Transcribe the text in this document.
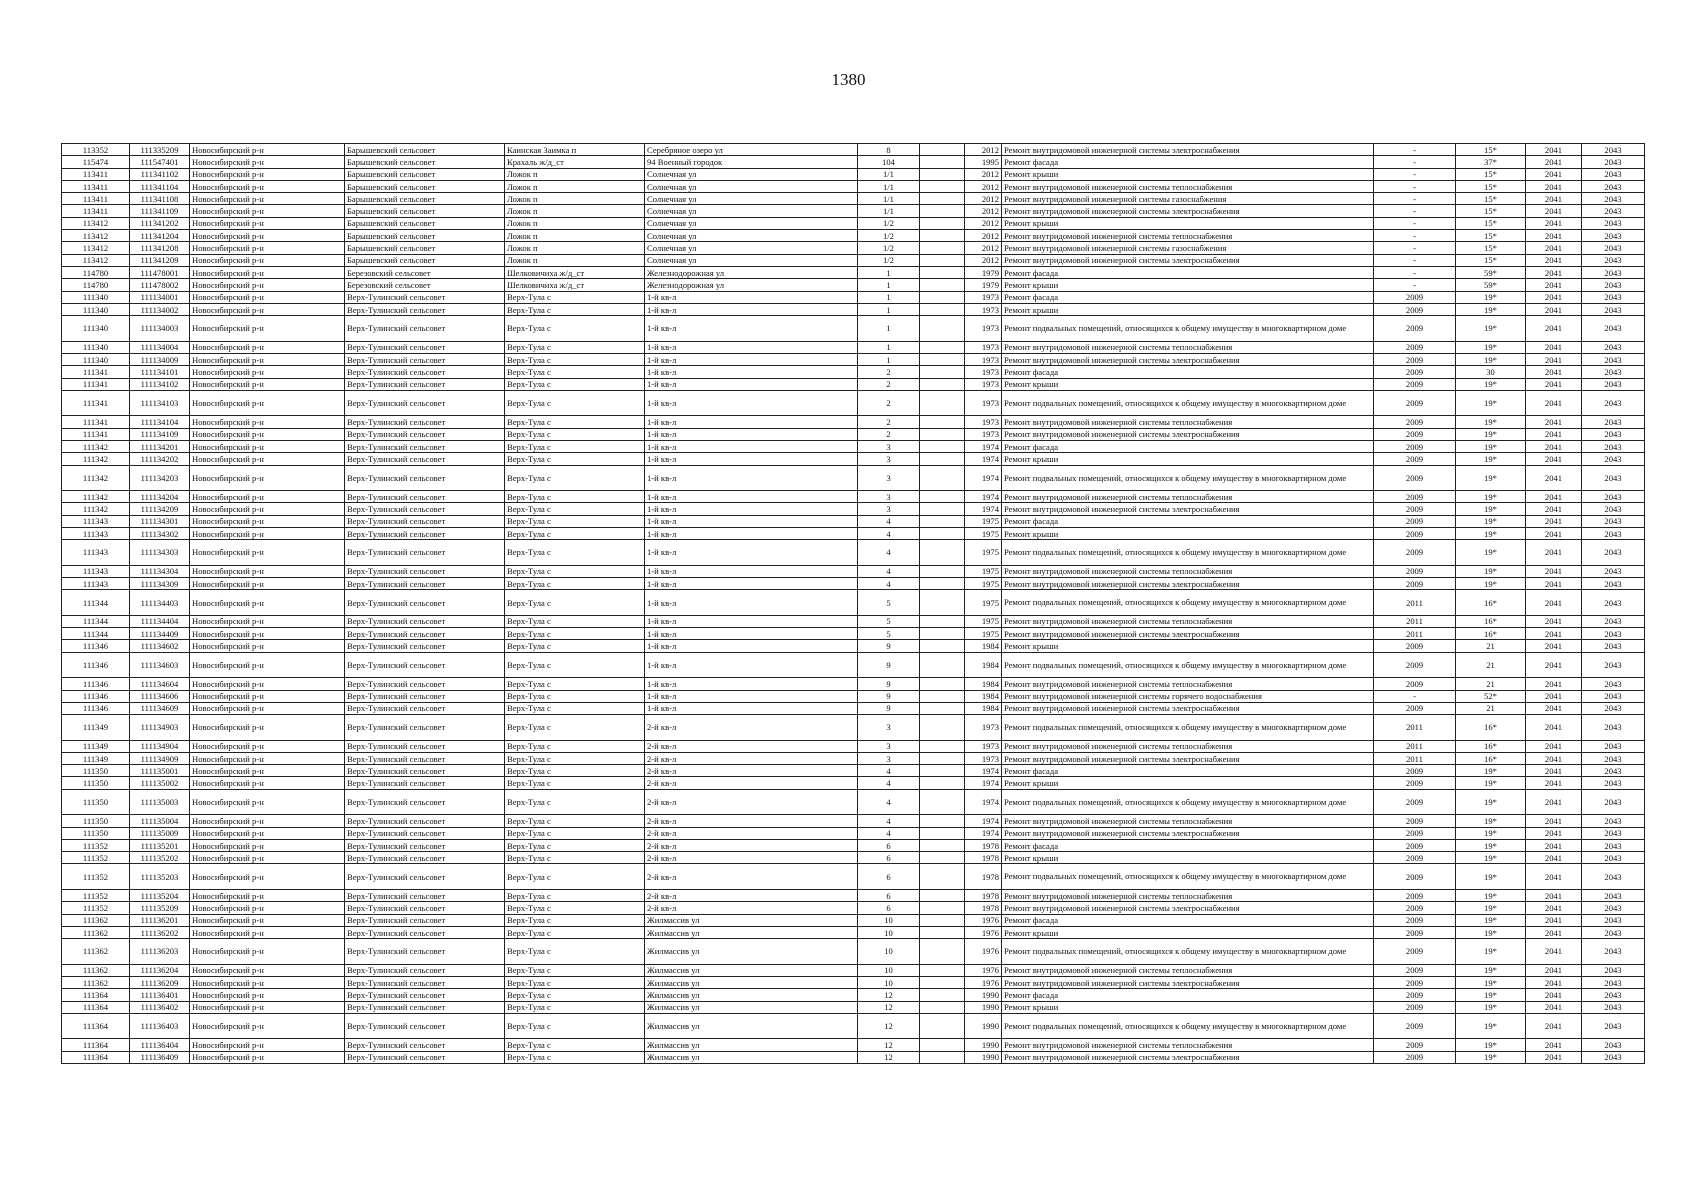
1380
113352	111335209	Новосибирский р-н	Барышевский сельсовет	Каинская Заимка п	Серебряное озеро ул	8		2012	Ремонт внутридомовой инженерной системы электроснабжения	-	15*	2041	2043
115474	111547401	Новосибирский р-н	Барышевский сельсовет	Крахаль ж/д_ст	94 Военный городок	104		1995	Ремонт фасада	-	37*	2041	2043
113411	111341102	Новосибирский р-н	Барышевский сельсовет	Ложок п	Солнечная ул	1/1		2012	Ремонт крыши	-	15*	2041	2043
113411	111341104	Новосибирский р-н	Барышевский сельсовет	Ложок п	Солнечная ул	1/1		2012	Ремонт внутридомовой инженерной системы теплоснабжения	-	15*	2041	2043
113411	111341108	Новосибирский р-н	Барышевский сельсовет	Ложок п	Солнечная ул	1/1		2012	Ремонт внутридомовой инженерной системы газоснабжения	-	15*	2041	2043
113411	111341109	Новосибирский р-н	Барышевский сельсовет	Ложок п	Солнечная ул	1/1		2012	Ремонт внутридомовой инженерной системы электроснабжения	-	15*	2041	2043
113412	111341202	Новосибирский р-н	Барышевский сельсовет	Ложок п	Солнечная ул	1/2		2012	Ремонт крыши	-	15*	2041	2043
113412	111341204	Новосибирский р-н	Барышевский сельсовет	Ложок п	Солнечная ул	1/2		2012	Ремонт внутридомовой инженерной системы теплоснабжения	-	15*	2041	2043
113412	111341208	Новосибирский р-н	Барышевский сельсовет	Ложок п	Солнечная ул	1/2		2012	Ремонт внутридомовой инженерной системы газоснабжения	-	15*	2041	2043
113412	111341209	Новосибирский р-н	Барышевский сельсовет	Ложок п	Солнечная ул	1/2		2012	Ремонт внутридомовой инженерной системы электроснабжения	-	15*	2041	2043
114780	111478001	Новосибирский р-н	Березовский сельсовет	Шелковичиха ж/д_ст	Железнодорожная ул	1		1979	Ремонт фасада	-	59*	2041	2043
114780	111478002	Новосибирский р-н	Березовский сельсовет	Шелковичиха ж/д_ст	Железнодорожная ул	1		1979	Ремонт крыши	-	59*	2041	2043
111340	111134001	Новосибирский р-н	Верх-Тулинский сельсовет	Верх-Тула с	1-й кв-л	1		1973	Ремонт фасада	2009	19*	2041	2043
111340	111134002	Новосибирский р-н	Верх-Тулинский сельсовет	Верх-Тула с	1-й кв-л	1		1973	Ремонт крыши	2009	19*	2041	2043
111340	111134003	Новосибирский р-н	Верх-Тулинский сельсовет	Верх-Тула с	1-й кв-л	1		1973	Ремонт подвальных помещений, относящихся к общему имуществу в многоквартирном доме	2009	19*	2041	2043
111340	111134004	Новосибирский р-н	Верх-Тулинский сельсовет	Верх-Тула с	1-й кв-л	1		1973	Ремонт внутридомовой инженерной системы теплоснабжения	2009	19*	2041	2043
111340	111134009	Новосибирский р-н	Верх-Тулинский сельсовет	Верх-Тула с	1-й кв-л	1		1973	Ремонт внутридомовой инженерной системы электроснабжения	2009	19*	2041	2043
111341	111134101	Новосибирский р-н	Верх-Тулинский сельсовет	Верх-Тула с	1-й кв-л	2		1973	Ремонт фасада	2009	30	2041	2043
111341	111134102	Новосибирский р-н	Верх-Тулинский сельсовет	Верх-Тула с	1-й кв-л	2		1973	Ремонт крыши	2009	19*	2041	2043
111341	111134103	Новосибирский р-н	Верх-Тулинский сельсовет	Верх-Тула с	1-й кв-л	2		1973	Ремонт подвальных помещений, относящихся к общему имуществу в многоквартирном доме	2009	19*	2041	2043
111341	111134104	Новосибирский р-н	Верх-Тулинский сельсовет	Верх-Тула с	1-й кв-л	2		1973	Ремонт внутридомовой инженерной системы теплоснабжения	2009	19*	2041	2043
111341	111134109	Новосибирский р-н	Верх-Тулинский сельсовет	Верх-Тула с	1-й кв-л	2		1973	Ремонт внутридомовой инженерной системы электроснабжения	2009	19*	2041	2043
111342	111134201	Новосибирский р-н	Верх-Тулинский сельсовет	Верх-Тула с	1-й кв-л	3		1974	Ремонт фасада	2009	19*	2041	2043
111342	111134202	Новосибирский р-н	Верх-Тулинский сельсовет	Верх-Тула с	1-й кв-л	3		1974	Ремонт крыши	2009	19*	2041	2043
111342	111134203	Новосибирский р-н	Верх-Тулинский сельсовет	Верх-Тула с	1-й кв-л	3		1974	Ремонт подвальных помещений, относящихся к общему имуществу в многоквартирном доме	2009	19*	2041	2043
111342	111134204	Новосибирский р-н	Верх-Тулинский сельсовет	Верх-Тула с	1-й кв-л	3		1974	Ремонт внутридомовой инженерной системы теплоснабжения	2009	19*	2041	2043
111342	111134209	Новосибирский р-н	Верх-Тулинский сельсовет	Верх-Тула с	1-й кв-л	3		1974	Ремонт внутридомовой инженерной системы электроснабжения	2009	19*	2041	2043
111343	111134301	Новосибирский р-н	Верх-Тулинский сельсовет	Верх-Тула с	1-й кв-л	4		1975	Ремонт фасада	2009	19*	2041	2043
111343	111134302	Новосибирский р-н	Верх-Тулинский сельсовет	Верх-Тула с	1-й кв-л	4		1975	Ремонт крыши	2009	19*	2041	2043
111343	111134303	Новосибирский р-н	Верх-Тулинский сельсовет	Верх-Тула с	1-й кв-л	4		1975	Ремонт подвальных помещений, относящихся к общему имуществу в многоквартирном доме	2009	19*	2041	2043
111343	111134304	Новосибирский р-н	Верх-Тулинский сельсовет	Верх-Тула с	1-й кв-л	4		1975	Ремонт внутридомовой инженерной системы теплоснабжения	2009	19*	2041	2043
111343	111134309	Новосибирский р-н	Верх-Тулинский сельсовет	Верх-Тула с	1-й кв-л	4		1975	Ремонт внутридомовой инженерной системы электроснабжения	2009	19*	2041	2043
111344	111134403	Новосибирский р-н	Верх-Тулинский сельсовет	Верх-Тула с	1-й кв-л	5		1975	Ремонт подвальных помещений, относящихся к общему имуществу в многоквартирном доме	2011	16*	2041	2043
111344	111134404	Новосибирский р-н	Верх-Тулинский сельсовет	Верх-Тула с	1-й кв-л	5		1975	Ремонт внутридомовой инженерной системы теплоснабжения	2011	16*	2041	2043
111344	111134409	Новосибирский р-н	Верх-Тулинский сельсовет	Верх-Тула с	1-й кв-л	5		1975	Ремонт внутридомовой инженерной системы электроснабжения	2011	16*	2041	2043
111346	111134602	Новосибирский р-н	Верх-Тулинский сельсовет	Верх-Тула с	1-й кв-л	9		1984	Ремонт крыши	2009	21	2041	2043
111346	111134603	Новосибирский р-н	Верх-Тулинский сельсовет	Верх-Тула с	1-й кв-л	9		1984	Ремонт подвальных помещений, относящихся к общему имуществу в многоквартирном доме	2009	21	2041	2043
111346	111134604	Новосибирский р-н	Верх-Тулинский сельсовет	Верх-Тула с	1-й кв-л	9		1984	Ремонт внутридомовой инженерной системы теплоснабжения	2009	21	2041	2043
111346	111134606	Новосибирский р-н	Верх-Тулинский сельсовет	Верх-Тула с	1-й кв-л	9		1984	Ремонт внутридомовой инженерной системы горячего водоснабжения	-	52*	2041	2043
111346	111134609	Новосибирский р-н	Верх-Тулинский сельсовет	Верх-Тула с	1-й кв-л	9		1984	Ремонт внутридомовой инженерной системы электроснабжения	2009	21	2041	2043
111349	111134903	Новосибирский р-н	Верх-Тулинский сельсовет	Верх-Тула с	2-й кв-л	3		1973	Ремонт подвальных помещений, относящихся к общему имуществу в многоквартирном доме	2011	16*	2041	2043
111349	111134904	Новосибирский р-н	Верх-Тулинский сельсовет	Верх-Тула с	2-й кв-л	3		1973	Ремонт внутридомовой инженерной системы теплоснабжения	2011	16*	2041	2043
111349	111134909	Новосибирский р-н	Верх-Тулинский сельсовет	Верх-Тула с	2-й кв-л	3		1973	Ремонт внутридомовой инженерной системы электроснабжения	2011	16*	2041	2043
111350	111135001	Новосибирский р-н	Верх-Тулинский сельсовет	Верх-Тула с	2-й кв-л	4		1974	Ремонт фасада	2009	19*	2041	2043
111350	111135002	Новосибирский р-н	Верх-Тулинский сельсовет	Верх-Тула с	2-й кв-л	4		1974	Ремонт крыши	2009	19*	2041	2043
111350	111135003	Новосибирский р-н	Верх-Тулинский сельсовет	Верх-Тула с	2-й кв-л	4		1974	Ремонт подвальных помещений, относящихся к общему имуществу в многоквартирном доме	2009	19*	2041	2043
111350	111135004	Новосибирский р-н	Верх-Тулинский сельсовет	Верх-Тула с	2-й кв-л	4		1974	Ремонт внутридомовой инженерной системы теплоснабжения	2009	19*	2041	2043
111350	111135009	Новосибирский р-н	Верх-Тулинский сельсовет	Верх-Тула с	2-й кв-л	4		1974	Ремонт внутридомовой инженерной системы электроснабжения	2009	19*	2041	2043
111352	111135201	Новосибирский р-н	Верх-Тулинский сельсовет	Верх-Тула с	2-й кв-л	6		1978	Ремонт фасада	2009	19*	2041	2043
111352	111135202	Новосибирский р-н	Верх-Тулинский сельсовет	Верх-Тула с	2-й кв-л	6		1978	Ремонт крыши	2009	19*	2041	2043
111352	111135203	Новосибирский р-н	Верх-Тулинский сельсовет	Верх-Тула с	2-й кв-л	6		1978	Ремонт подвальных помещений, относящихся к общему имуществу в многоквартирном доме	2009	19*	2041	2043
111352	111135204	Новосибирский р-н	Верх-Тулинский сельсовет	Верх-Тула с	2-й кв-л	6		1978	Ремонт внутридомовой инженерной системы теплоснабжения	2009	19*	2041	2043
111352	111135209	Новосибирский р-н	Верх-Тулинский сельсовет	Верх-Тула с	2-й кв-л	6		1978	Ремонт внутридомовой инженерной системы электроснабжения	2009	19*	2041	2043
111362	111136201	Новосибирский р-н	Верх-Тулинский сельсовет	Верх-Тула с	Жилмассив ул	10		1976	Ремонт фасада	2009	19*	2041	2043
111362	111136202	Новосибирский р-н	Верх-Тулинский сельсовет	Верх-Тула с	Жилмассив ул	10		1976	Ремонт крыши	2009	19*	2041	2043
111362	111136203	Новосибирский р-н	Верх-Тулинский сельсовет	Верх-Тула с	Жилмассив ул	10		1976	Ремонт подвальных помещений, относящихся к общему имуществу в многоквартирном доме	2009	19*	2041	2043
111362	111136204	Новосибирский р-н	Верх-Тулинский сельсовет	Верх-Тула с	Жилмассив ул	10		1976	Ремонт внутридомовой инженерной системы теплоснабжения	2009	19*	2041	2043
111362	111136209	Новосибирский р-н	Верх-Тулинский сельсовет	Верх-Тула с	Жилмассив ул	10		1976	Ремонт внутридомовой инженерной системы электроснабжения	2009	19*	2041	2043
111364	111136401	Новосибирский р-н	Верх-Тулинский сельсовет	Верх-Тула с	Жилмассив ул	12		1990	Ремонт фасада	2009	19*	2041	2043
111364	111136402	Новосибирский р-н	Верх-Тулинский сельсовет	Верх-Тула с	Жилмассив ул	12		1990	Ремонт крыши	2009	19*	2041	2043
111364	111136403	Новосибирский р-н	Верх-Тулинский сельсовет	Верх-Тула с	Жилмассив ул	12		1990	Ремонт подвальных помещений, относящихся к общему имуществу в многоквартирном доме	2009	19*	2041	2043
111364	111136404	Новосибирский р-н	Верх-Тулинский сельсовет	Верх-Тула с	Жилмассив ул	12		1990	Ремонт внутридомовой инженерной системы теплоснабжения	2009	19*	2041	2043
111364	111136409	Новосибирский р-н	Верх-Тулинский сельсовет	Верх-Тула с	Жилмассив ул	12		1990	Ремонт внутридомовой инженерной системы электроснабжения	2009	19*	2041	2043
